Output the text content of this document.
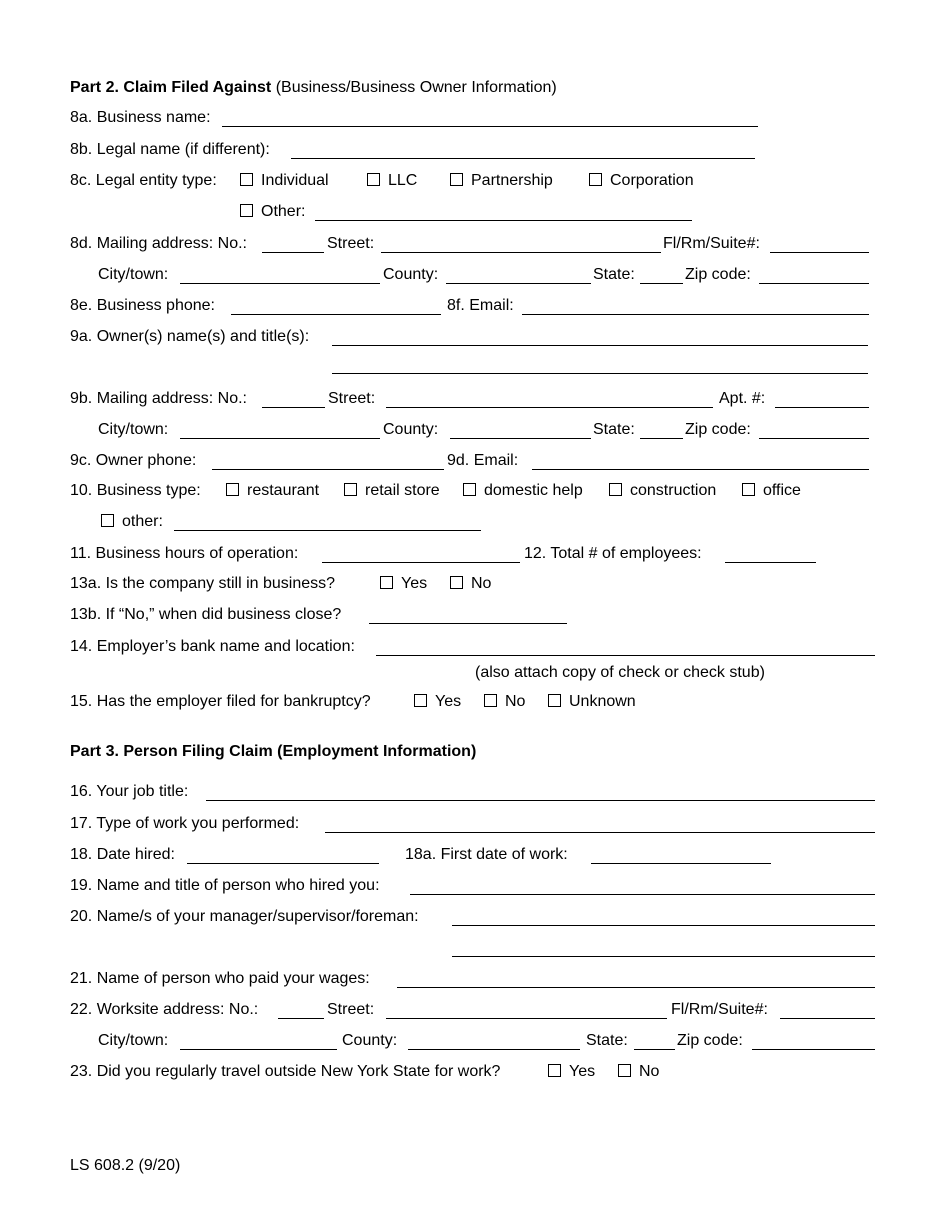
Part 2. Claim Filed Against (Business/Business Owner Information)
8a. Business name:
8b. Legal name (if different):
8c. Legal entity type:	Individual	LLC	Partnership	Corporation
Other:
8d. Mailing address: No.:	Street:	Fl/Rm/Suite#:
City/town:	County:	State:	Zip code:
8e. Business phone:	8f. Email:
9a. Owner(s) name(s) and title(s):
9b. Mailing address: No.:	Street:	Apt. #:
City/town:	County:	State:	Zip code:
9c. Owner phone:	9d. Email:
10. Business type:	restaurant	retail store	domestic help	construction	office
other:
11. Business hours of operation:	12. Total # of employees:
13a. Is the company still in business?	Yes	No
13b. If “No,” when did business close?
14. Employer’s bank name and location:
(also attach copy of check or check stub)
15. Has the employer filed for bankruptcy?	Yes	No	Unknown
Part 3. Person Filing Claim (Employment Information)
16. Your job title:
17. Type of work you performed:
18. Date hired:	18a. First date of work:
19. Name and title of person who hired you:
20. Name/s of your manager/supervisor/foreman:
21. Name of person who paid your wages:
22. Worksite address: No.:	Street:	Fl/Rm/Suite#:
City/town:	County:	State:	Zip code:
23. Did you regularly travel outside New York State for work?	Yes	No
LS 608.2 (9/20)
